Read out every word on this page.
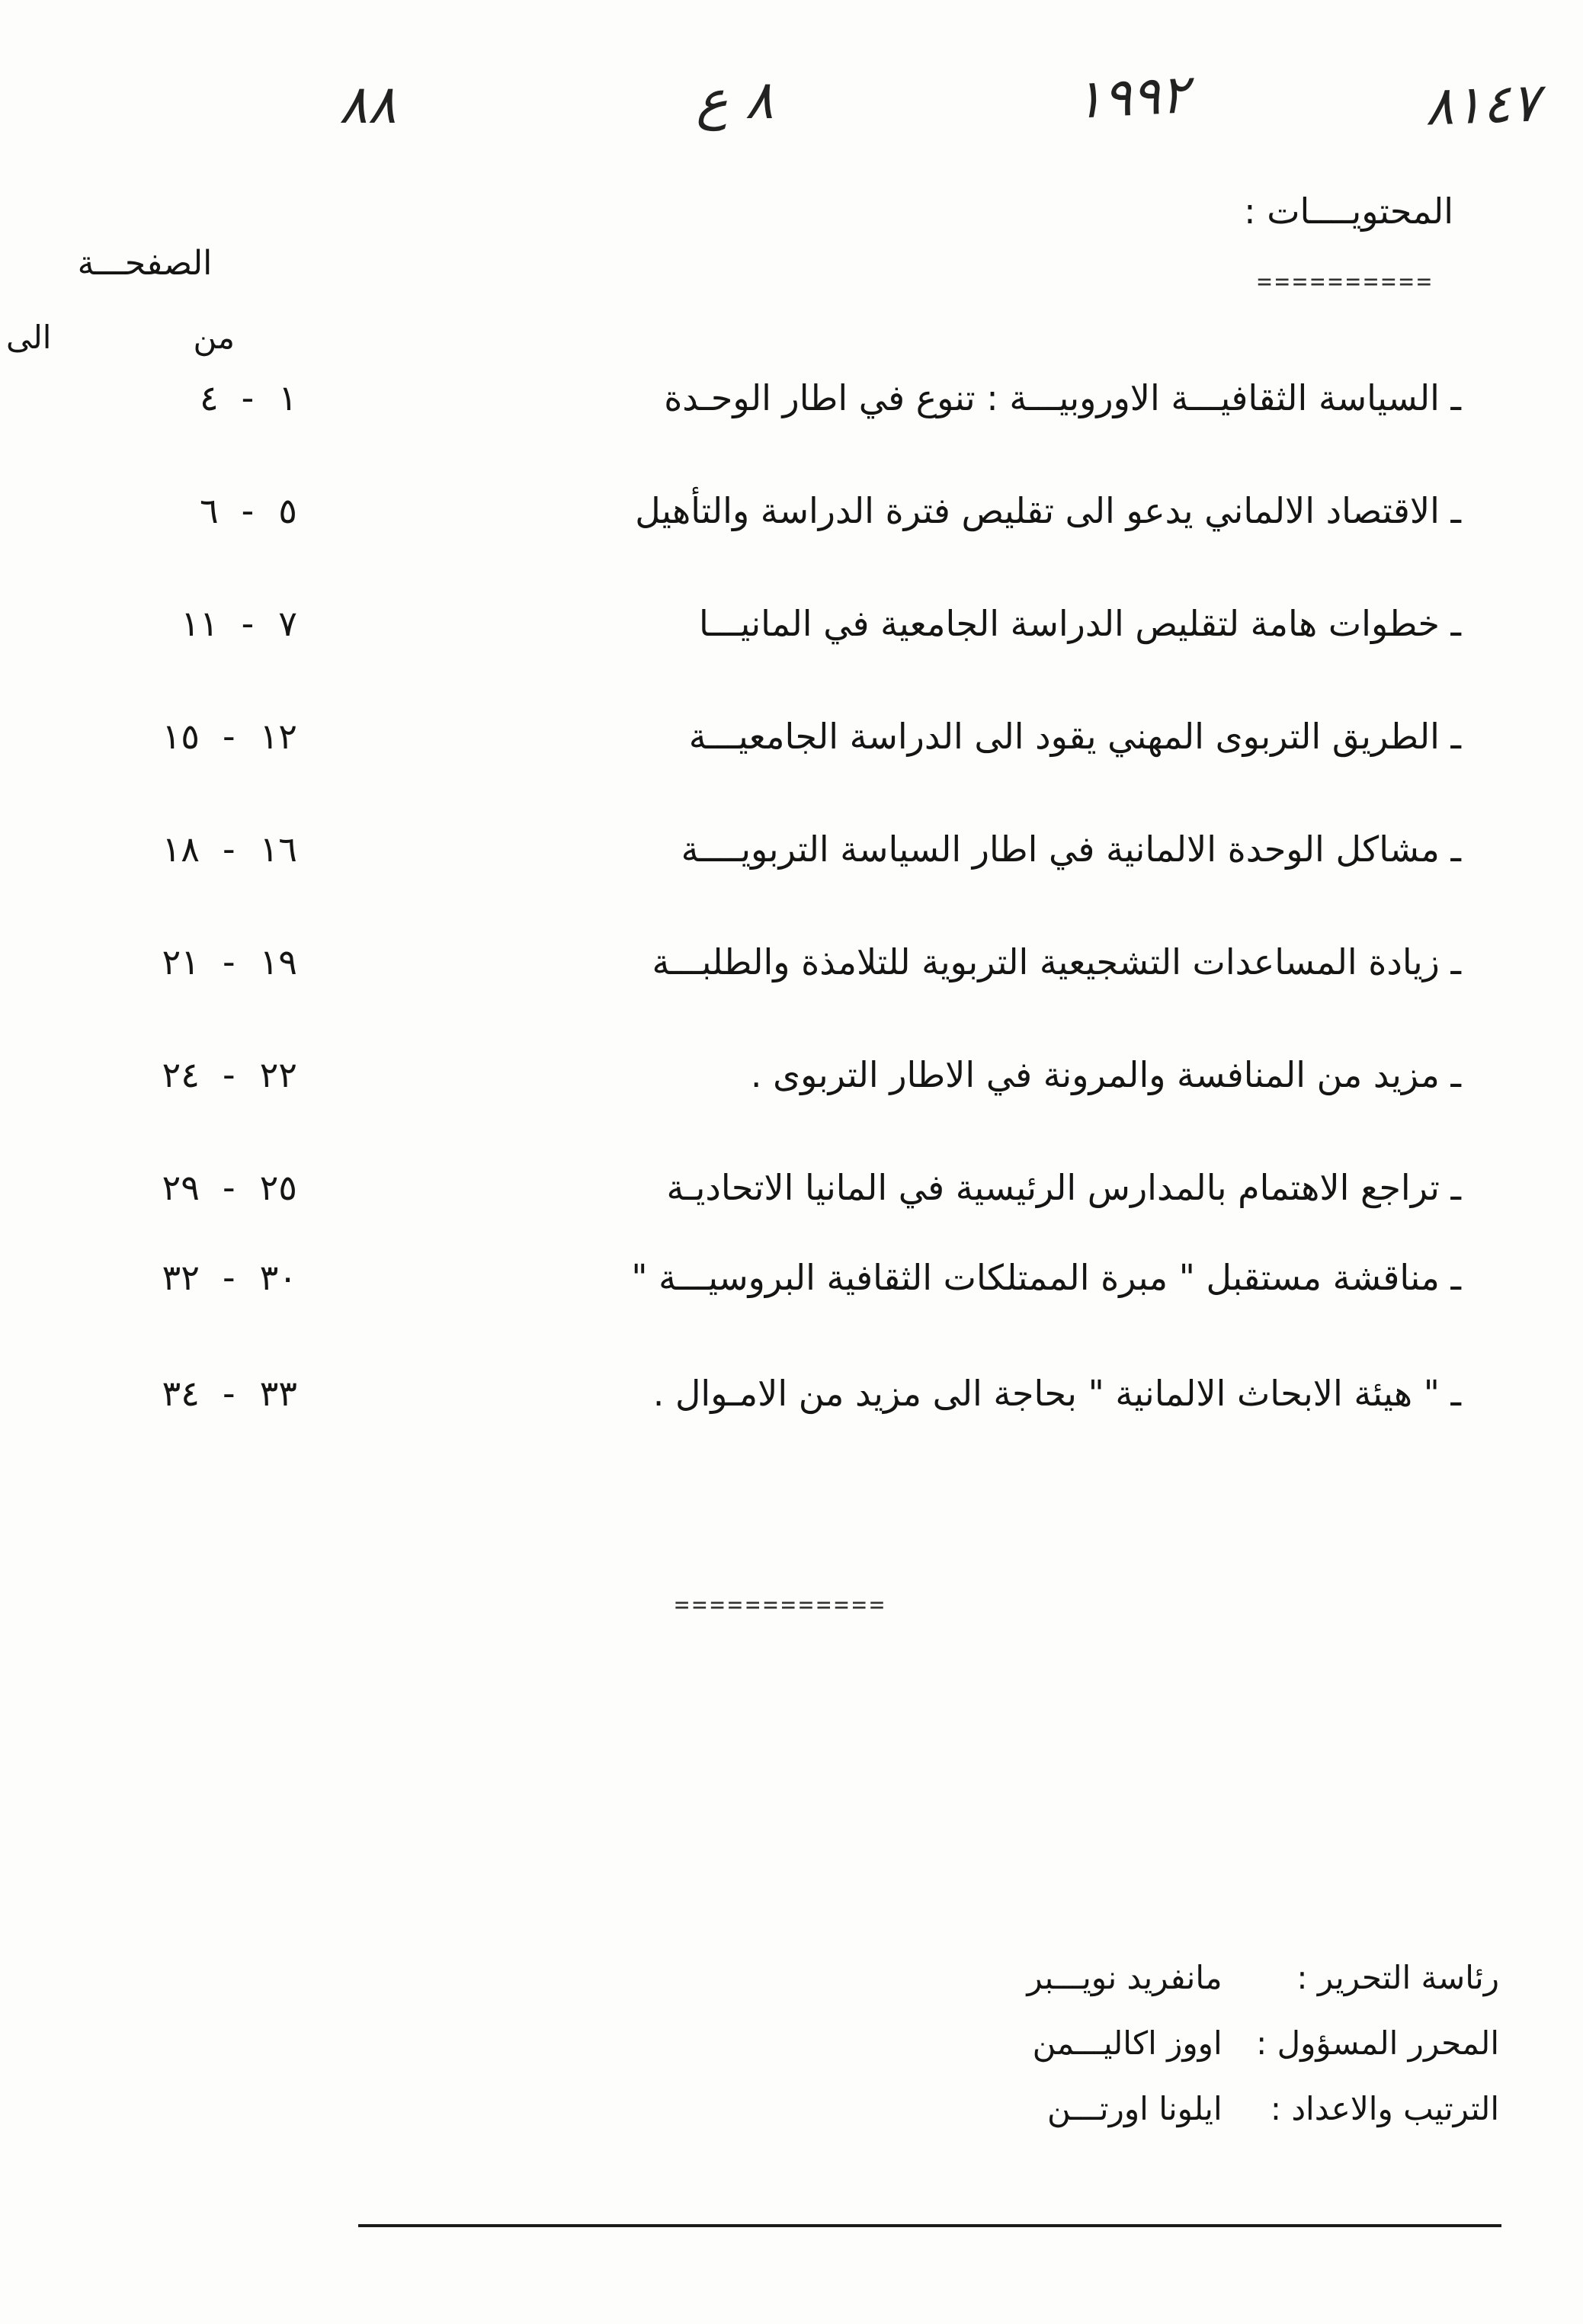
٨١٤٧
١٩٩٢
٨ ع
٨٨
المحتويــــات :
==========
الصفحـــة
من
الى
ـ السياسة الثقافيـــة الاوروبيـــة : تنوع في اطار الوحـدة
٤ - ١
ـ الاقتصاد الالماني يدعو الى تقليص فترة الدراسة والتأهيل
٦ - ٥
ـ خطوات هامة لتقليص الدراسة الجامعية في المانيـــا
١١ - ٧
ـ الطريق التربوى المهني يقود الى الدراسة الجامعيـــة
١٥ - ١٢
ـ مشاكل الوحدة الالمانية في اطار السياسة التربويــــة
١٨ - ١٦
ـ زيادة المساعدات التشجيعية التربوية للتلامذة والطلبـــة
٢١ - ١٩
ـ مزيد من المنافسة والمرونة في الاطار التربوى .
٢٤ - ٢٢
ـ تراجع الاهتمام بالمدارس الرئيسية في المانيا الاتحاديـة
٢٩ - ٢٥
ـ مناقشة مستقبل " مبرة الممتلكات الثقافية البروسيـــة "
٣٢ - ٣٠
ـ " هيئة الابحاث الالمانية " بحاجة الى مزيد من الامـوال .
٣٤ - ٣٣
============
رئاسة التحرير : مانفريد نويـــبر
المحرر المسؤول : اووز اكاليـــمن
الترتيب والاعداد : ايلونا اورتـــن
